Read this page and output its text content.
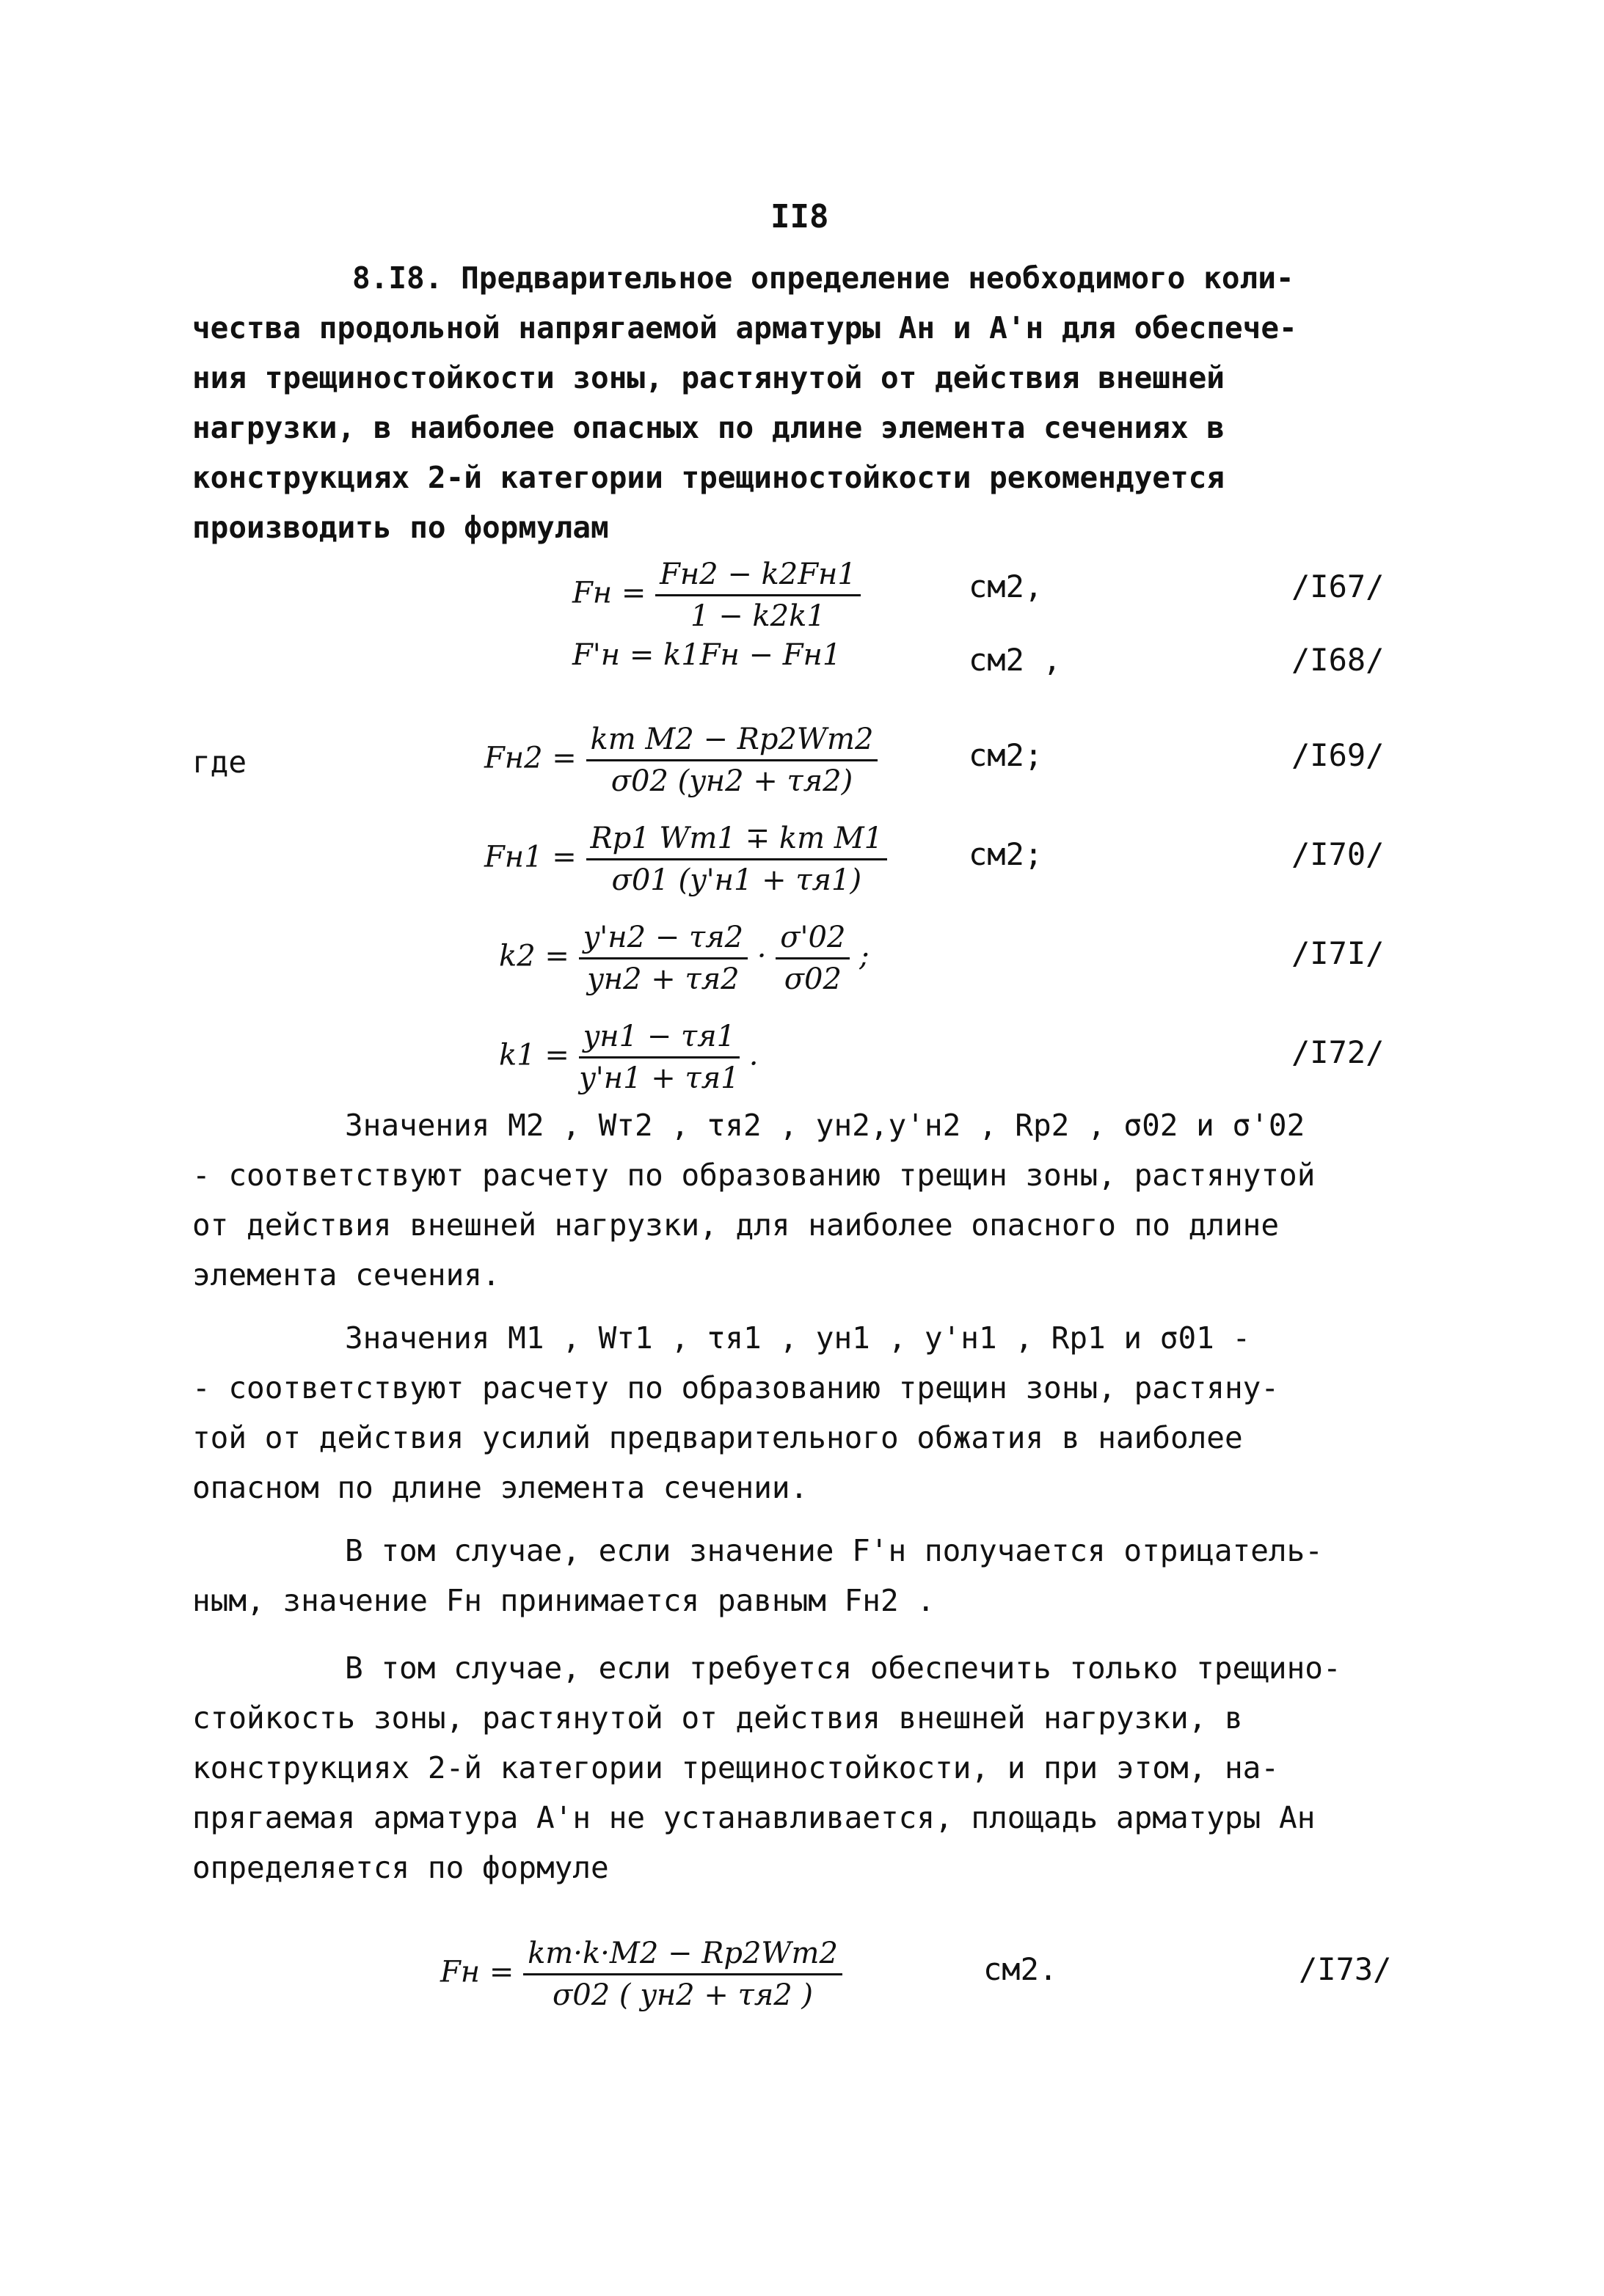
II8
8.I8. Предварительное определение необходимого коли-
чества продольной напрягаемой арматуры Aн и A'н для обеспече-
ния трещиностойкости зоны, растянутой от действия внешней
нагрузки, в наиболее опасных по длине элемента сечениях в
конструкциях 2-й категории трещиностойкости рекомендуется
производить по формулам
Fн = $\frac{Fн2 - k2Fн1}{1 - k2k1}$	см2,	/I67/
F'н = k1Fн − Fн1	см2 ,	/I68/
где	$Fн2 = \frac{\text{kт M2 − Rp2Wт2}}{\sigma 02 (yн2 + \tau я2)}$	см2;	/I69/
$Fн1 = \frac{\text{Rp1 Wт1 ∓ kт M1}}{\sigma 01 (y'н1 + \tau я1)}$	см2;	/I70/
$k2 = \frac{y'н2 - \tau я2}{yн2 + \tau я2} \cdot \frac{\sigma'02}{\sigma 02}$ ;	/I7I/
$k1 = \frac{yн1 - \tau я1}{y'н1 + \tau я1}$ .	/I72/
Значения M2 , Wт2 , τя2 , yн2,y'н2 , Rp2 , σ02 и σ'02
- соответствуют расчету по образованию трещин зоны, растянутой
от действия внешней нагрузки, для наиболее опасного по длине
элемента сечения.
Значения M1 , Wт1 , τя1 , yн1 , y'н1 , Rp1 и σ01 -
- соответствуют расчету по образованию трещин зоны, растяну-
той от действия усилий предварительного обжатия в наиболее
опасном по длине элемента сечении.
В том случае, если значение F'н получается отрицатель-
ным, значение Fн принимается равным Fн2 .
В том случае, если требуется обеспечить только трещино-
стойкость зоны, растянутой от действия внешней нагрузки, в
конструкциях 2-й категории трещиностойкости, и при этом, на-
прягаемая арматура A'н не устанавливается, площадь арматуры Aн
определяется по формуле
Fн = $\frac{kт\cdot k\cdot M2 - Rp2Wт2}{\sigma 02 ( yн2 + \tau я2 )}$	см2.	/I73/
